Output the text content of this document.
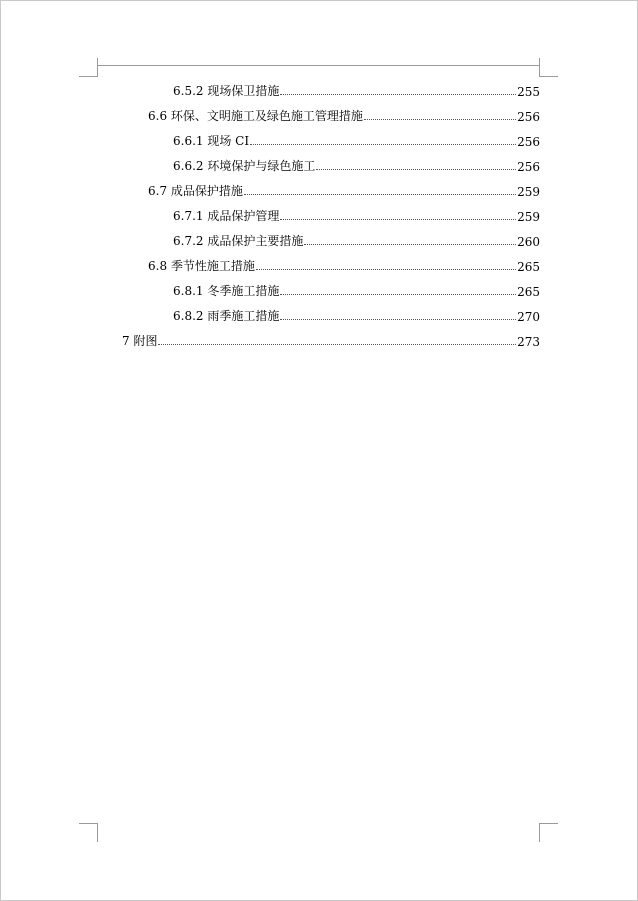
6.5.2 现场保卫措施	255
6.6 环保、文明施工及绿色施工管理措施	256
6.6.1 现场 CI	256
6.6.2 环境保护与绿色施工	256
6.7 成品保护措施	259
6.7.1 成品保护管理	259
6.7.2 成品保护主要措施	260
6.8 季节性施工措施	265
6.8.1 冬季施工措施	265
6.8.2 雨季施工措施	270
7 附图	273
